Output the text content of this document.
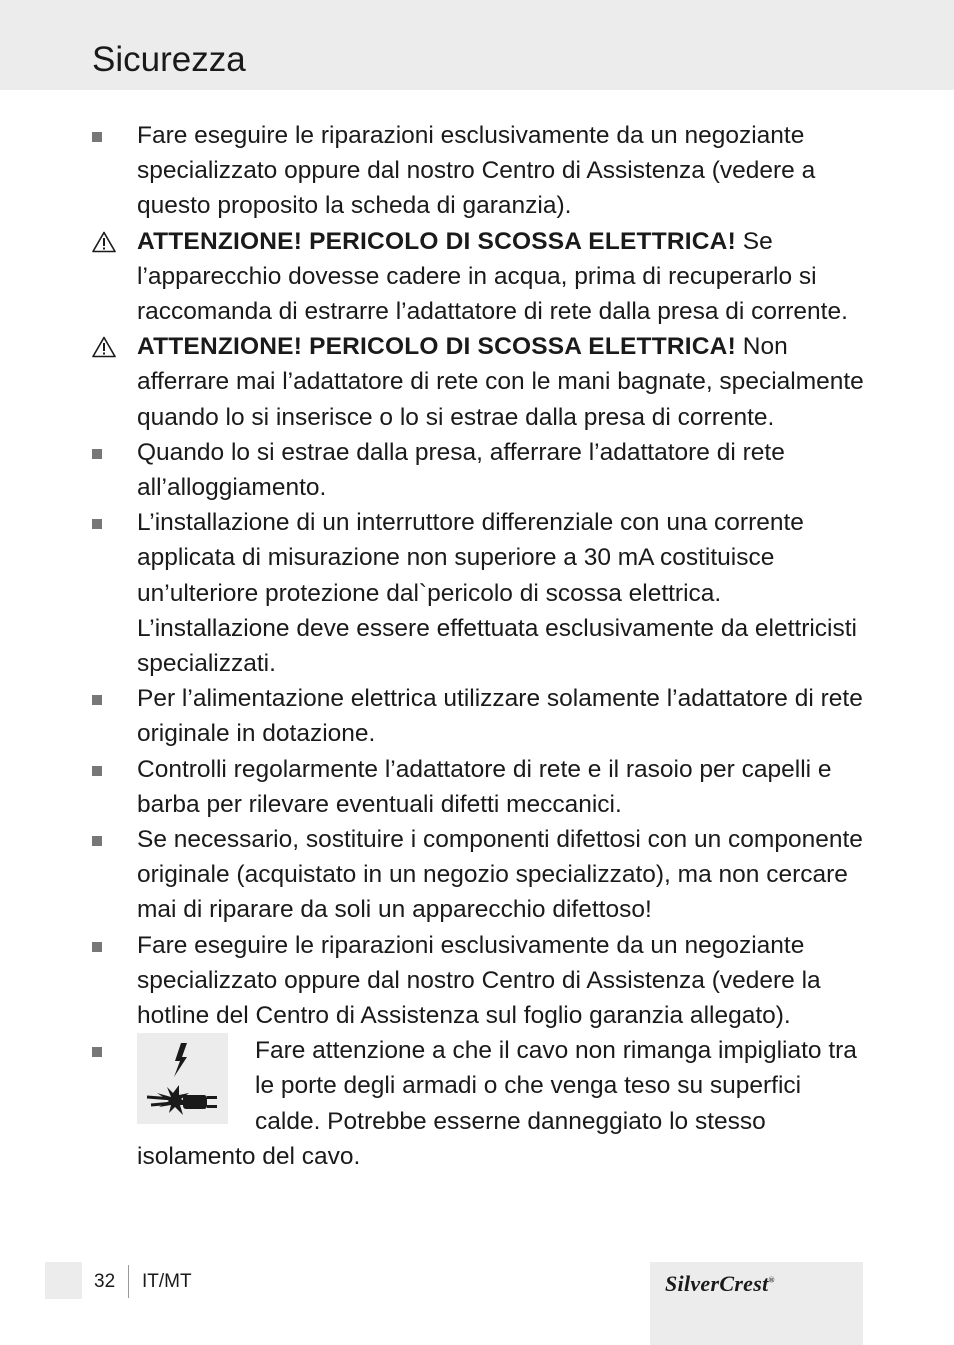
Sicurezza

Fare eseguire le riparazioni esclusivamente da un negoziante specializzato oppure dal nostro Centro di Assistenza (vedere a questo proposito la scheda di garanzia).

ATTENZIONE! PERICOLO DI SCOSSA ELETTRICA! Se l’apparecchio dovesse cadere in acqua, prima di recuperarlo si raccomanda di estrarre l’adattatore di rete dalla presa di corrente.

ATTENZIONE! PERICOLO DI SCOSSA ELETTRICA! Non afferrare mai l’adattatore di rete con le mani bagnate, specialmente quando lo si inserisce o lo si estrae dalla presa di corrente.

Quando lo si estrae dalla presa, afferrare l’adattatore di rete all’alloggiamento.

L’installazione di un interruttore differenziale con una corrente applicata di misurazione non superiore a 30 mA costituisce un’ulteriore protezione dal`pericolo di scossa elettrica. L’installazione deve essere effettuata esclusivamente da elettricisti specializzati.

Per l’alimentazione elettrica utilizzare solamente l’adattatore di rete originale in dotazione.

Controlli regolarmente l’adattatore di rete e il rasoio per capelli e barba per rilevare eventuali difetti meccanici.

Se necessario, sostituire i componenti difettosi con un componente originale (acquistato in un negozio specializzato), ma non cercare mai di riparare da soli un apparecchio difettoso!

Fare eseguire le riparazioni esclusivamente da un negoziante specializzato oppure dal nostro Centro di Assistenza (vedere la hotline del Centro di Assistenza sul foglio garanzia allegato).

Fare attenzione a che il cavo non rimanga impigliato tra le porte degli armadi o che venga teso su superfici calde. Potrebbe esserne danneggiato lo stesso isolamento del cavo.

32 IT/MT	SilverCrest®
